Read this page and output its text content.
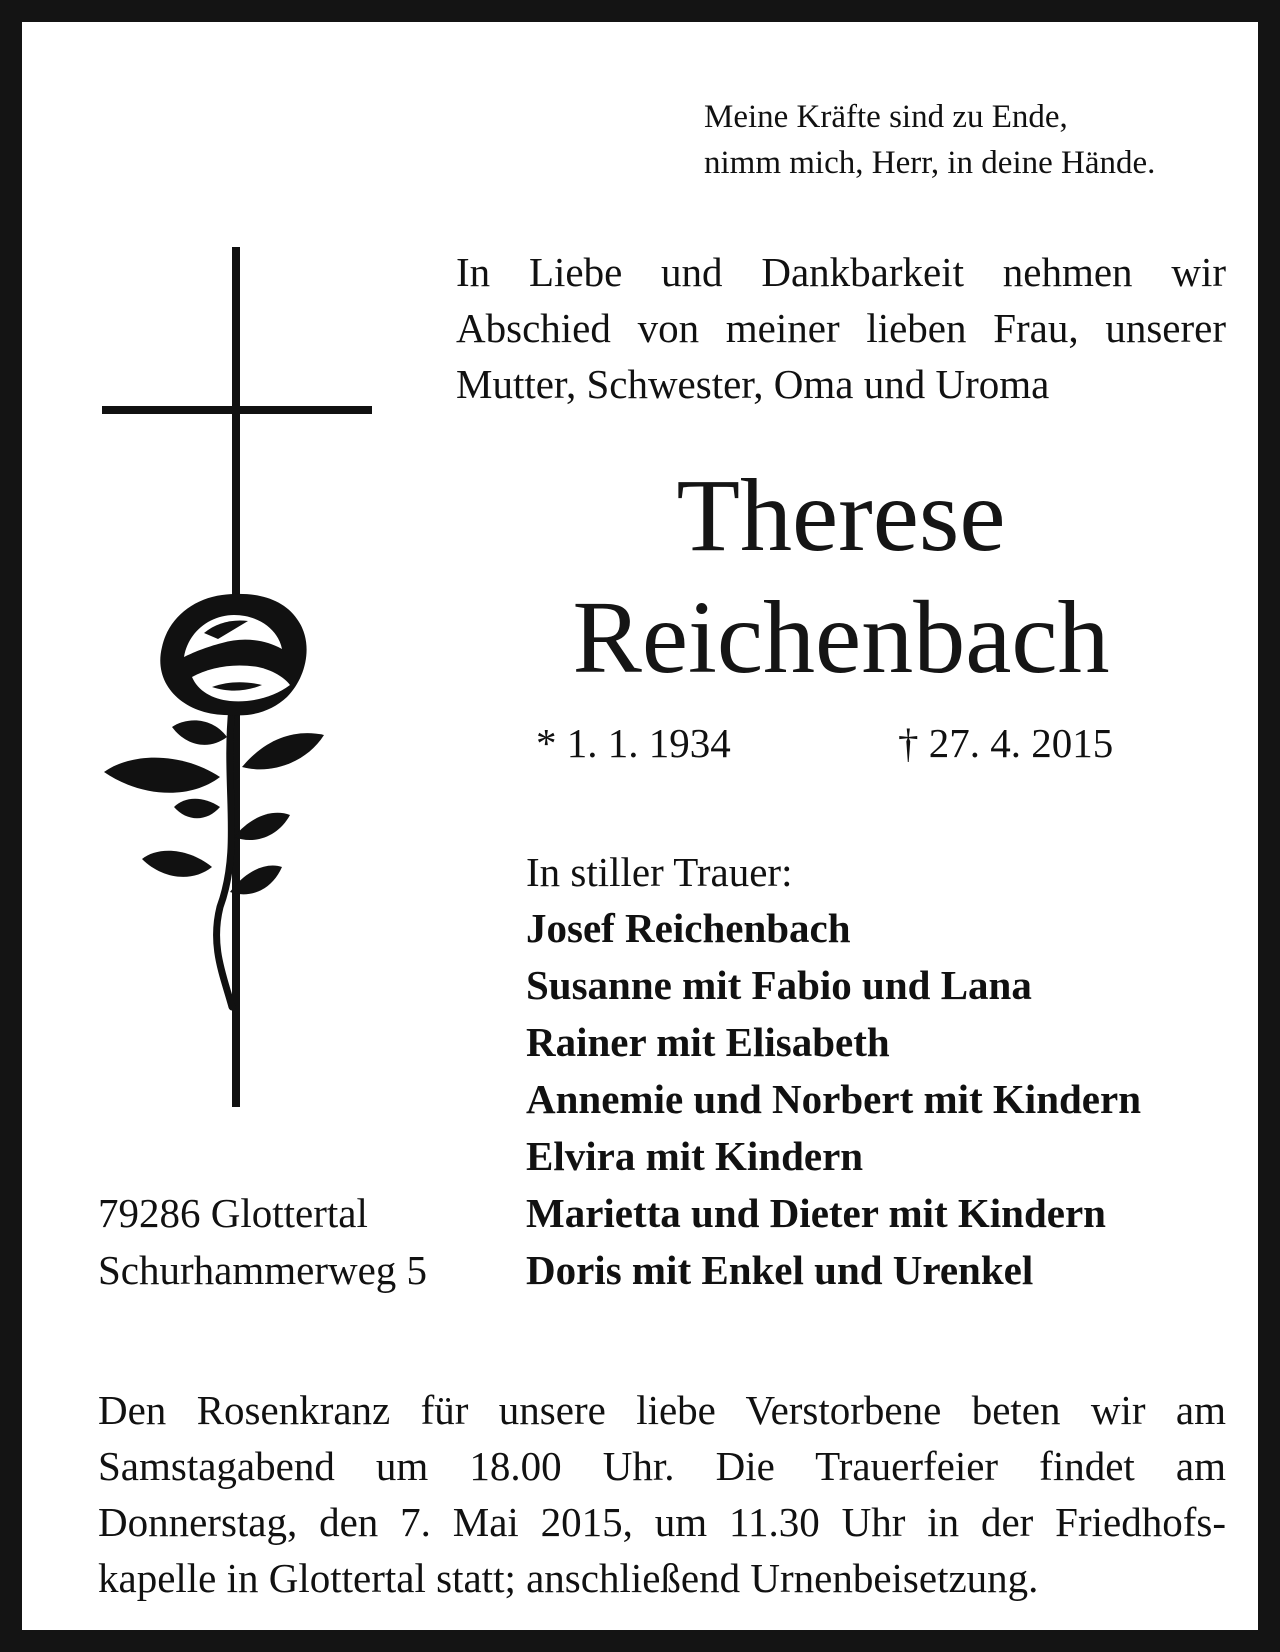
Meine Kräfte sind zu Ende,
nimm mich, Herr, in deine Hände.
In Liebe und Dankbarkeit nehmen wir
Abschied von meiner lieben Frau, unserer
Mutter, Schwester, Oma und Uroma
Therese
Reichenbach
* 1. 1. 1934	† 27. 4. 2015
In stiller Trauer:
Josef Reichenbach
Susanne mit Fabio und Lana
Rainer mit Elisabeth
Annemie und Norbert mit Kindern
Elvira mit Kindern
Marietta und Dieter mit Kindern
Doris mit Enkel und Urenkel
79286 Glottertal
Schurhammerweg 5
Den Rosenkranz für unsere liebe Verstorbene beten wir am
Samstagabend um 18.00 Uhr. Die Trauerfeier findet am
Donnerstag, den 7. Mai 2015, um 11.30 Uhr in der Friedhofs-
kapelle in Glottertal statt; anschließend Urnenbeisetzung.
